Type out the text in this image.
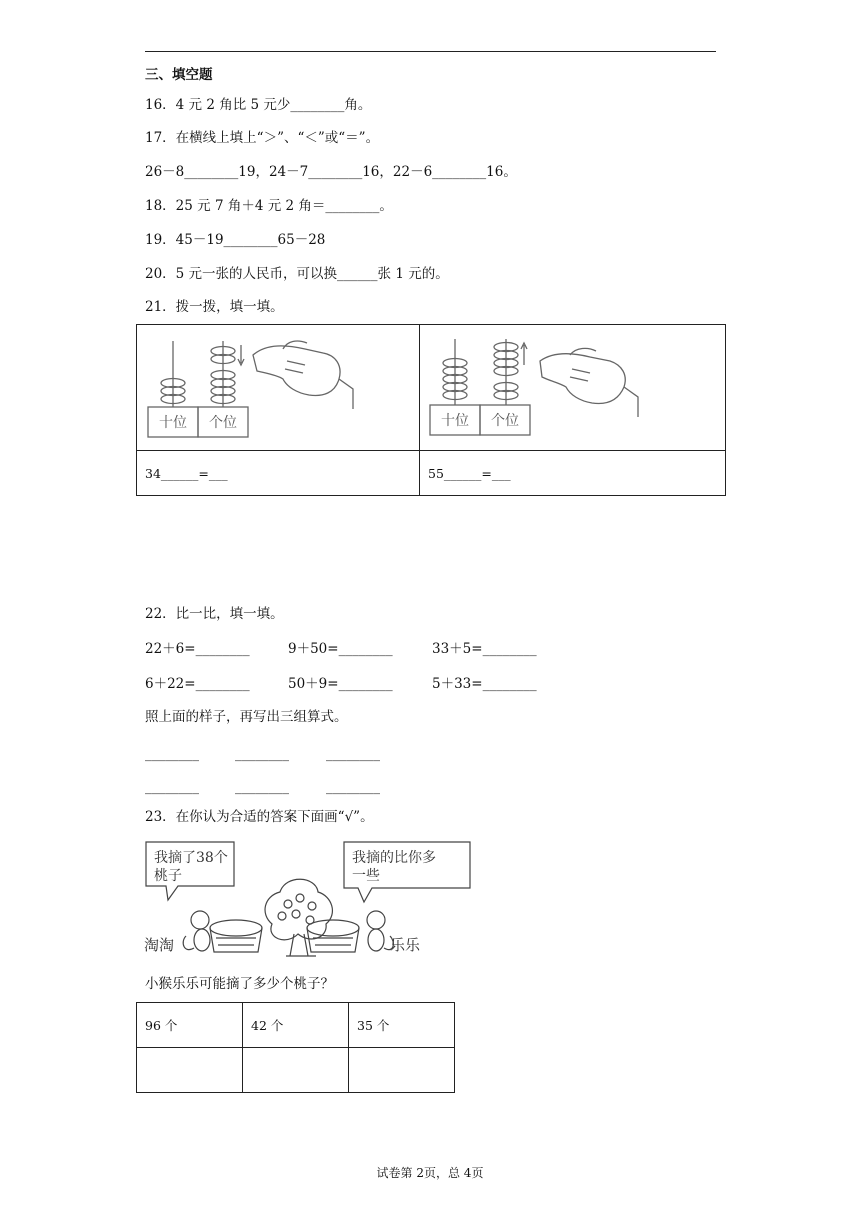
三、填空题
16．4 元 2 角比 5 元少________角。
17．在横线上填上“＞”、“＜”或“＝”。
26－8________19，24－7________16，22－6________16。
18．25 元 7 角＋4 元 2 角＝________。
19．45－19________65－28
20．5 元一张的人民币，可以换______张 1 元的。
21．拨一拨，填一填。
十位 个位	十位 个位

34______=___	55______=___
22．比一比，填一填。
22＋6=________	9＋50=________	33＋5=________
6＋22=________	50＋9=________	5＋33=________
照上面的样子，再写出三组算式。
________	________	________
________	________	________
23．在你认为合适的答案下面画“√”。
我摘了38个
桃子
我摘的比你多
一些
淘淘	乐乐
小猴乐乐可能摘了多少个桃子？
96 个	42 个	35 个

试卷第 2页，总 4页
